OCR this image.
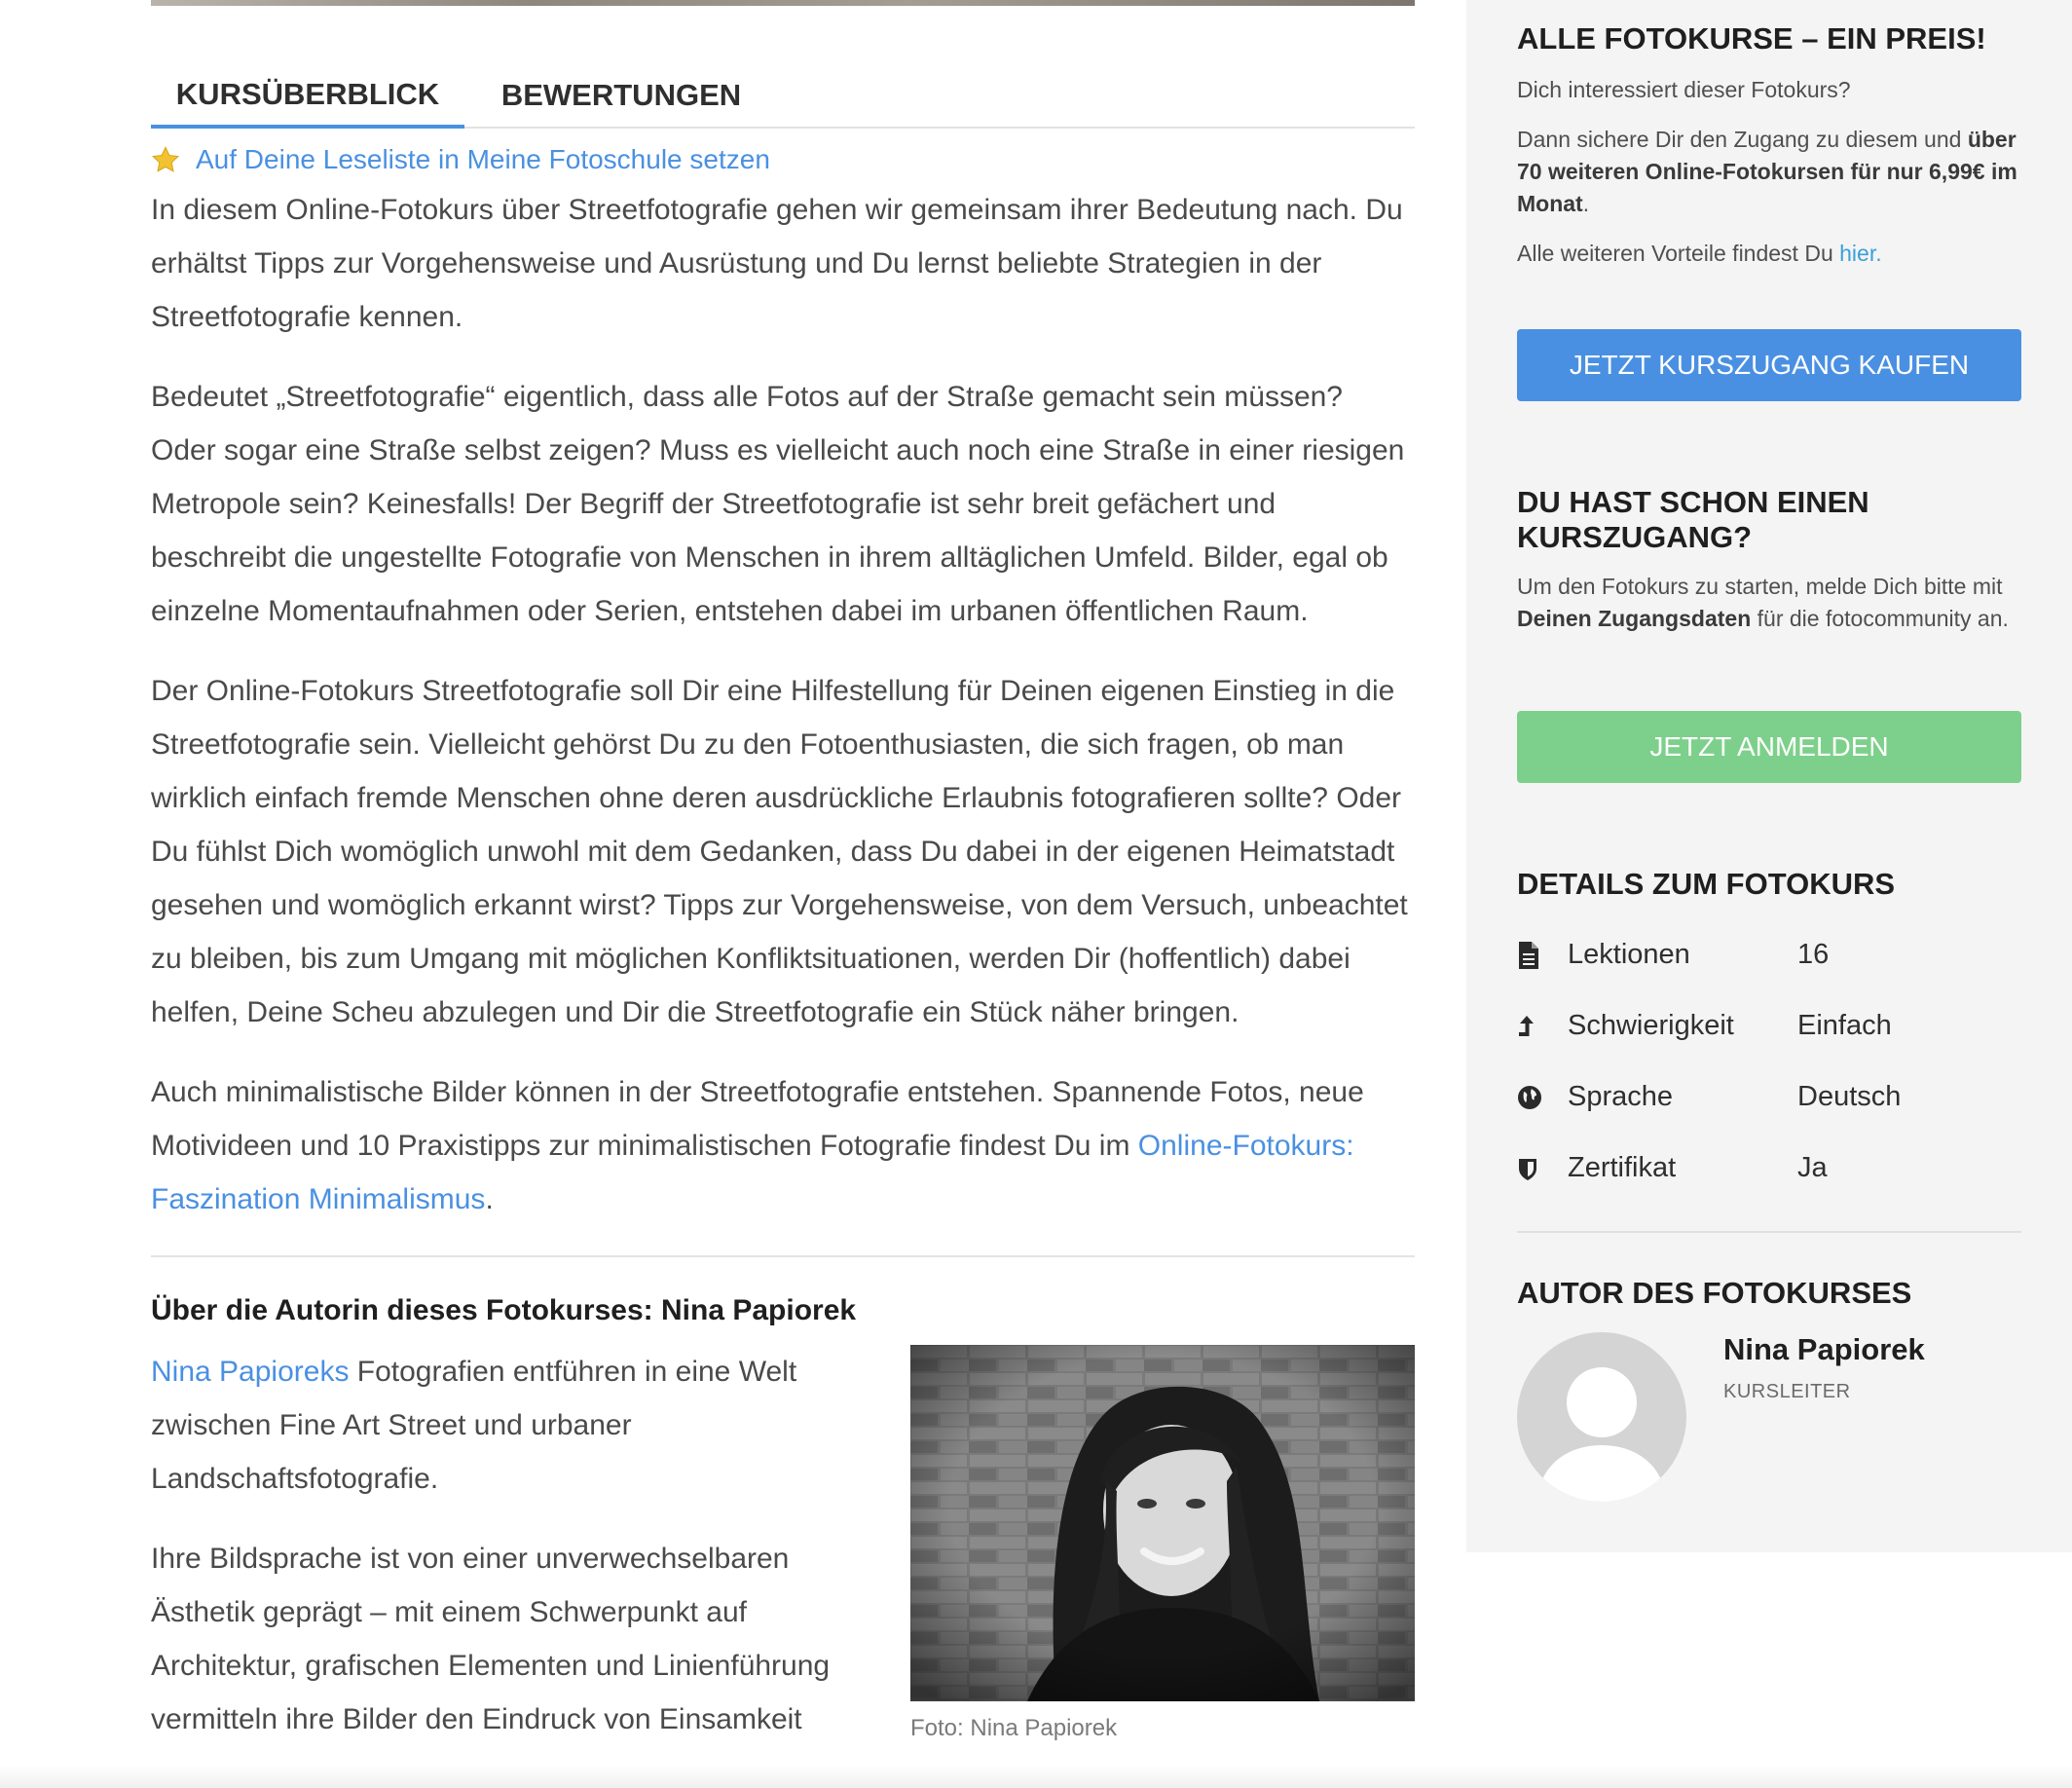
KURSÜBERBLICK	BEWERTUNGEN
Auf Deine Leseliste in Meine Fotoschule setzen

In diesem Online-Fotokurs über Streetfotografie gehen wir gemeinsam ihrer Bedeutung nach. Du erhältst Tipps zur Vorgehensweise und Ausrüstung und Du lernst beliebte Strategien in der Streetfotografie kennen.

Bedeutet „Streetfotografie“ eigentlich, dass alle Fotos auf der Straße gemacht sein müssen? Oder sogar eine Straße selbst zeigen? Muss es vielleicht auch noch eine Straße in einer riesigen Metropole sein? Keinesfalls! Der Begriff der Streetfotografie ist sehr breit gefächert und beschreibt die ungestellte Fotografie von Menschen in ihrem alltäglichen Umfeld. Bilder, egal ob einzelne Momentaufnahmen oder Serien, entstehen dabei im urbanen öffentlichen Raum.

Der Online-Fotokurs Streetfotografie soll Dir eine Hilfestellung für Deinen eigenen Einstieg in die Streetfotografie sein. Vielleicht gehörst Du zu den Fotoenthusiasten, die sich fragen, ob man wirklich einfach fremde Menschen ohne deren ausdrückliche Erlaubnis fotografieren sollte? Oder Du fühlst Dich womöglich unwohl mit dem Gedanken, dass Du dabei in der eigenen Heimatstadt gesehen und womöglich erkannt wirst? Tipps zur Vorgehensweise, von dem Versuch, unbeachtet zu bleiben, bis zum Umgang mit möglichen Konfliktsituationen, werden Dir (hoffentlich) dabei helfen, Deine Scheu abzulegen und Dir die Streetfotografie ein Stück näher bringen.

Auch minimalistische Bilder können in der Streetfotografie entstehen. Spannende Fotos, neue Motivideen und 10 Praxistipps zur minimalistischen Fotografie findest Du im Online-Fotokurs: Faszination Minimalismus.

Über die Autorin dieses Fotokurses: Nina Papiorek

Nina Papioreks Fotografien entführen in eine Welt zwischen Fine Art Street und urbaner Landschaftsfotografie.

Ihre Bildsprache ist von einer unverwechselbaren Ästhetik geprägt – mit einem Schwerpunkt auf Architektur, grafischen Elementen und Linienführung vermitteln ihre Bilder den Eindruck von Einsamkeit	Foto: Nina Papiorek
ALLE FOTOKURSE – EIN PREIS!

Dich interessiert dieser Fotokurs?

Dann sichere Dir den Zugang zu diesem und über 70 weiteren Online-Fotokursen für nur 6,99€ im Monat.

Alle weiteren Vorteile findest Du hier.

JETZT KURSZUGANG KAUFEN
DU HAST SCHON EINEN KURSZUGANG?

Um den Fotokurs zu starten, melde Dich bitte mit Deinen Zugangsdaten für die fotocommunity an.

JETZT ANMELDEN
DETAILS ZUM FOTOKURS
Lektionen	16
Schwierigkeit	Einfach
Sprache	Deutsch
Zertifikat	Ja
AUTOR DES FOTOKURSES
Nina Papiorek
KURSLEITER
